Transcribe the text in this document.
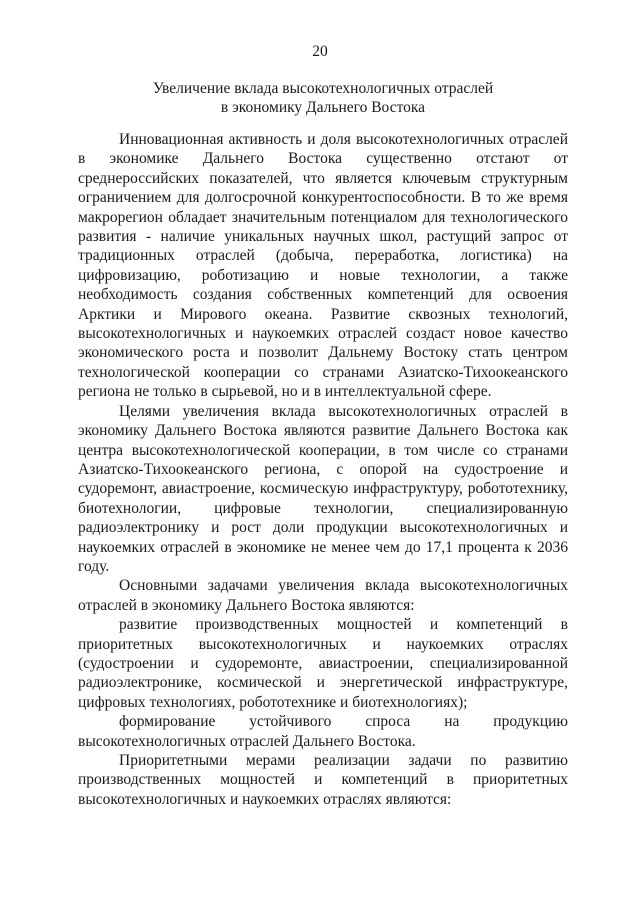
20
Увеличение вклада высокотехнологичных отраслей
в экономику Дальнего Востока

Инновационная активность и доля высокотехнологичных отраслей в экономике Дальнего Востока существенно отстают от среднероссийских показателей, что является ключевым структурным ограничением для долгосрочной конкурентоспособности. В то же время макрорегион обладает значительным потенциалом для технологического развития - наличие уникальных научных школ, растущий запрос от традиционных отраслей (добыча, переработка, логистика) на цифровизацию, роботизацию и новые технологии, а также необходимость создания собственных компетенций для освоения Арктики и Мирового океана. Развитие сквозных технологий, высокотехнологичных и наукоемких отраслей создаст новое качество экономического роста и позволит Дальнему Востоку стать центром технологической кооперации со странами Азиатско-Тихоокеанского региона не только в сырьевой, но и в интеллектуальной сфере.

Целями увеличения вклада высокотехнологичных отраслей в экономику Дальнего Востока являются развитие Дальнего Востока как центра высокотехнологической кооперации, в том числе со странами Азиатско-Тихоокеанского региона, с опорой на судостроение и судоремонт, авиастроение, космическую инфраструктуру, робототехнику, биотехнологии, цифровые технологии, специализированную радиоэлектронику и рост доли продукции высокотехнологичных и наукоемких отраслей в экономике не менее чем до 17,1 процента к 2036 году.

Основными задачами увеличения вклада высокотехнологичных отраслей в экономику Дальнего Востока являются:

развитие производственных мощностей и компетенций в приоритетных высокотехнологичных и наукоемких отраслях (судостроении и судоремонте, авиастроении, специализированной радиоэлектронике, космической и энергетической инфраструктуре, цифровых технологиях, робототехнике и биотехнологиях);

формирование устойчивого спроса на продукцию высокотехнологичных отраслей Дальнего Востока.

Приоритетными мерами реализации задачи по развитию производственных мощностей и компетенций в приоритетных высокотехнологичных и наукоемких отраслях являются:
